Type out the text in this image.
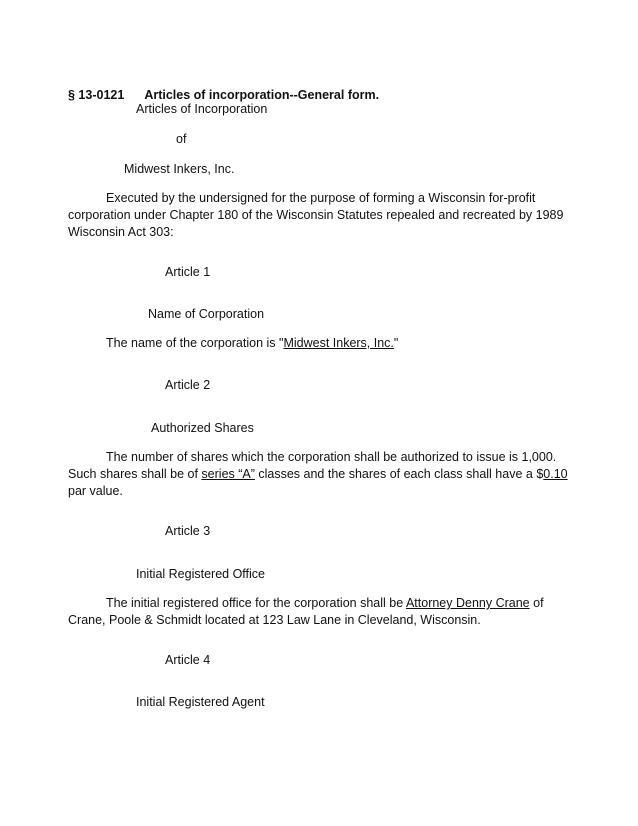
§ 13-0121 Articles of incorporation--General form.
Articles of Incorporation
of
Midwest Inkers, Inc.
Executed by the undersigned for the purpose of forming a Wisconsin for-profit
corporation under Chapter 180 of the Wisconsin Statutes repealed and recreated by 1989
Wisconsin Act 303:
Article 1
Name of Corporation
The name of the corporation is "Midwest Inkers, Inc."
Article 2
Authorized Shares
The number of shares which the corporation shall be authorized to issue is 1,000.
Such shares shall be of series “A” classes and the shares of each class shall have a $0.10
par value.
Article 3
Initial Registered Office
The initial registered office for the corporation shall be Attorney Denny Crane of
Crane, Poole & Schmidt located at 123 Law Lane in Cleveland, Wisconsin.
Article 4
Initial Registered Agent
